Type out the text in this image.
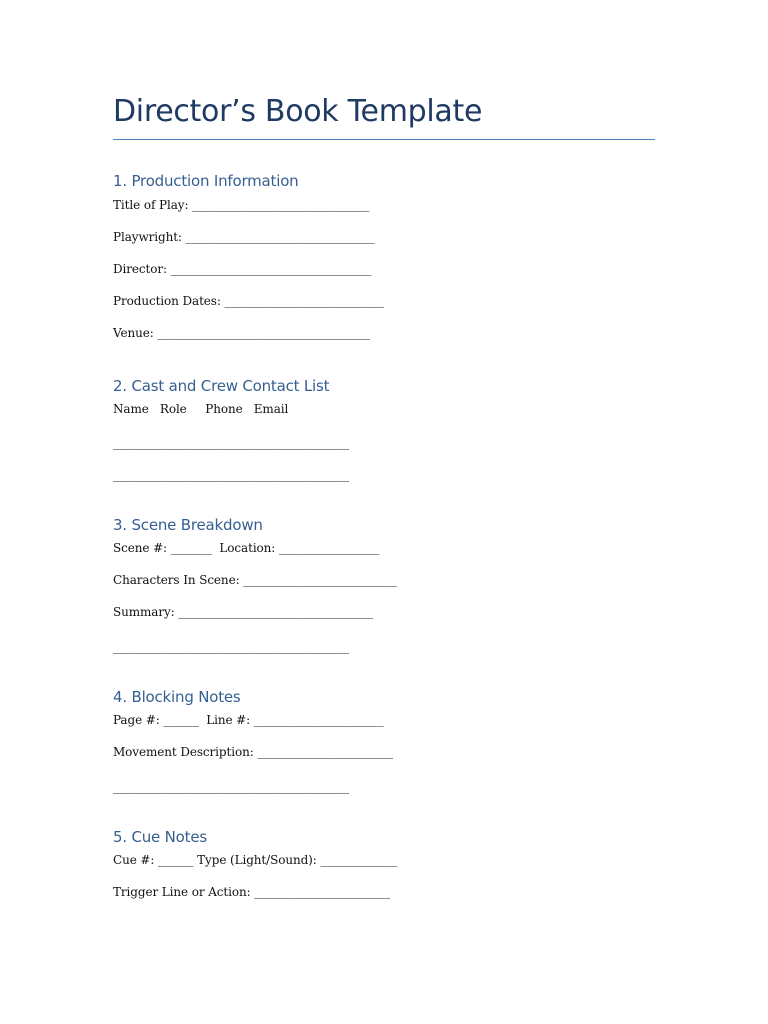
Director’s Book Template
1. Production Information
Title of Play: ______________________________
Playwright: ________________________________
Director: __________________________________
Production Dates: ___________________________
Venue: ____________________________________
2. Cast and Crew Contact List
Name   Role     Phone   Email
________________________________________
________________________________________
3. Scene Breakdown
Scene #: _______  Location: _________________
Characters In Scene: __________________________
Summary: _________________________________
________________________________________
4. Blocking Notes
Page #: ______  Line #: ______________________
Movement Description: _______________________
________________________________________
5. Cue Notes
Cue #: ______ Type (Light/Sound): _____________
Trigger Line or Action: _______________________
